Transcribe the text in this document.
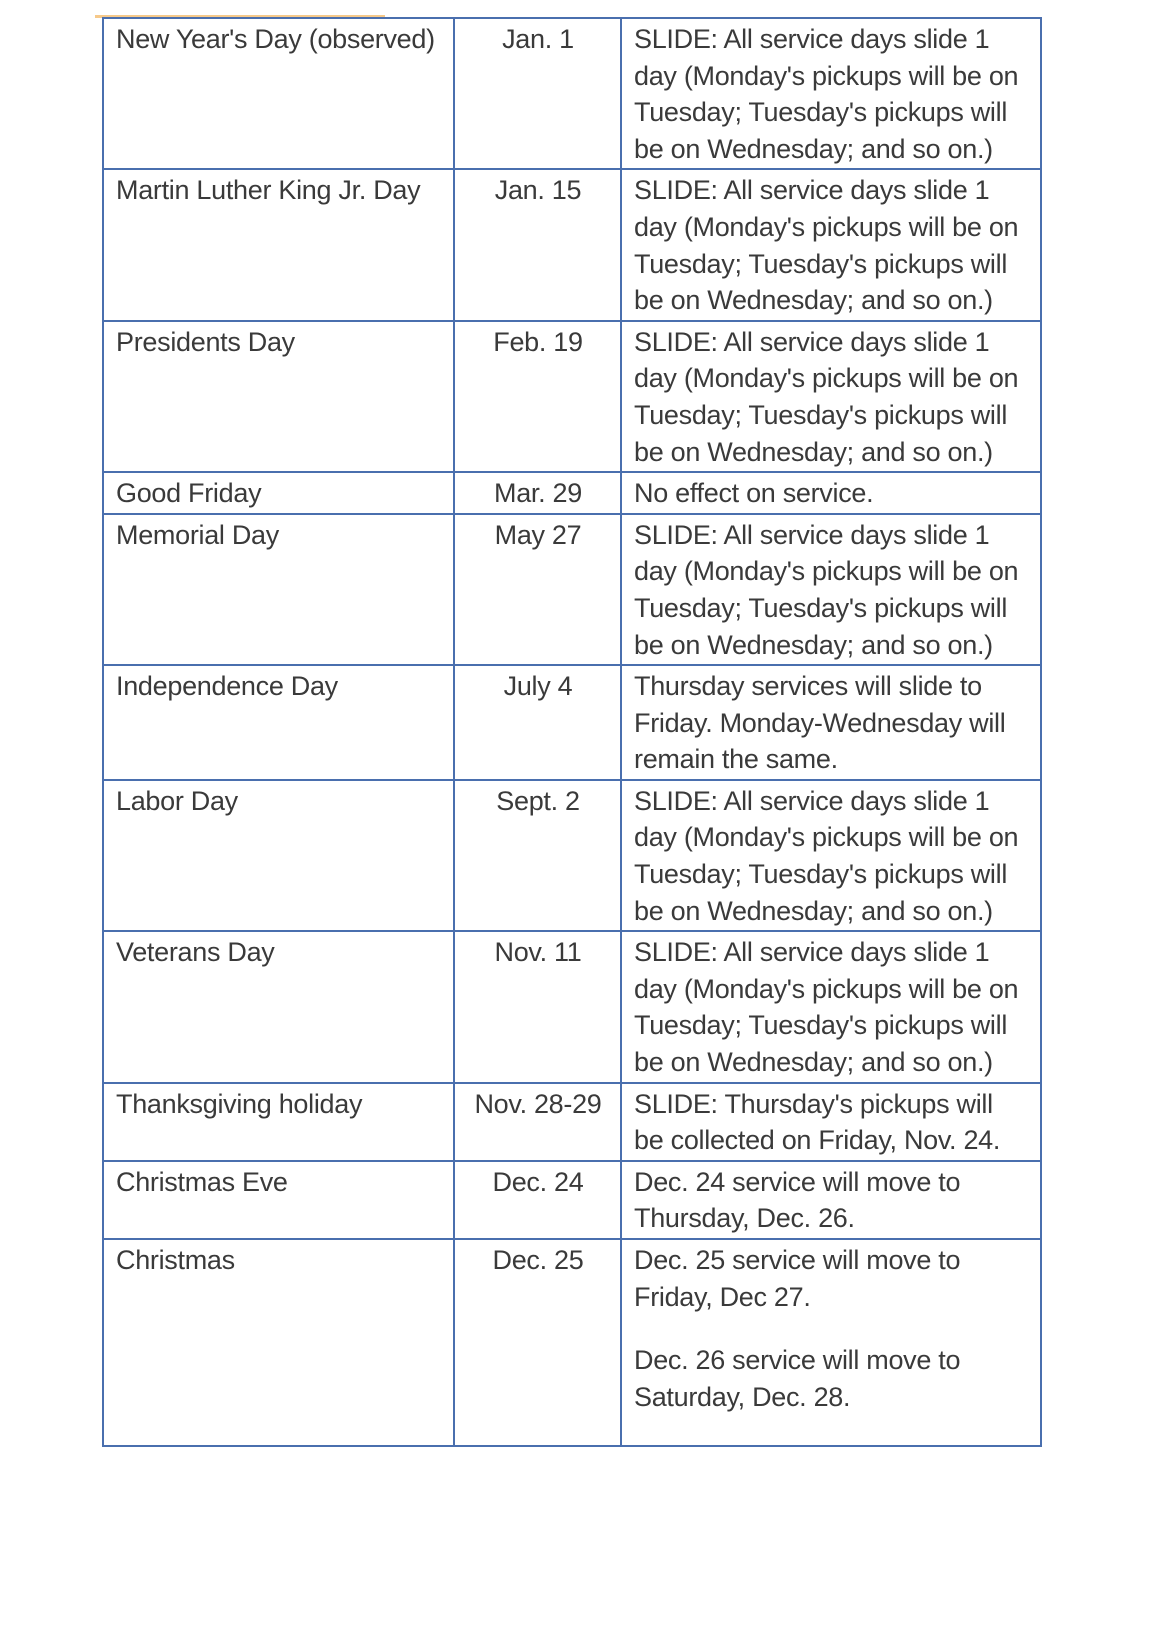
New Year's Day (observed)	Jan. 1	SLIDE: All service days slide 1 day (Monday's pickups will be on Tuesday; Tuesday's pickups will be on Wednesday; and so on.)

Martin Luther King Jr. Day	Jan. 15	SLIDE: All service days slide 1 day (Monday's pickups will be on Tuesday; Tuesday's pickups will be on Wednesday; and so on.)

Presidents Day	Feb. 19	SLIDE: All service days slide 1 day (Monday's pickups will be on Tuesday; Tuesday's pickups will be on Wednesday; and so on.)

Good Friday	Mar. 29	No effect on service.

Memorial Day	May 27	SLIDE: All service days slide 1 day (Monday's pickups will be on Tuesday; Tuesday's pickups will be on Wednesday; and so on.)

Independence Day	July 4	Thursday services will slide to Friday. Monday-Wednesday will remain the same.

Labor Day	Sept. 2	SLIDE: All service days slide 1 day (Monday's pickups will be on Tuesday; Tuesday's pickups will be on Wednesday; and so on.)

Veterans Day	Nov. 11	SLIDE: All service days slide 1 day (Monday's pickups will be on Tuesday; Tuesday's pickups will be on Wednesday; and so on.)

Thanksgiving holiday	Nov. 28-29	SLIDE: Thursday's pickups will be collected on Friday, Nov. 24.

Christmas Eve	Dec. 24	Dec. 24 service will move to Thursday, Dec. 26.

Christmas	Dec. 25	Dec. 25 service will move to Friday, Dec 27.
Dec. 26 service will move to Saturday, Dec. 28.
